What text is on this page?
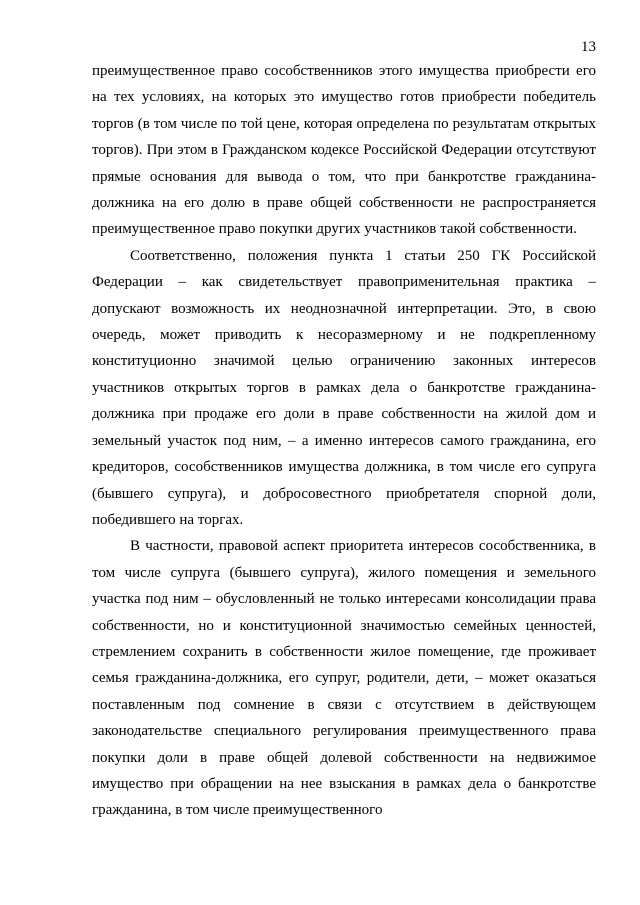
13

преимущественное право сособственников этого имущества приобрести его на тех условиях, на которых это имущество готов приобрести победитель торгов (в том числе по той цене, которая определена по результатам открытых торгов). При этом в Гражданском кодексе Российской Федерации отсутствуют прямые основания для вывода о том, что при банкротстве гражданина-должника на его долю в праве общей собственности не распространяется преимущественное право покупки других участников такой собственности.

Соответственно, положения пункта 1 статьи 250 ГК Российской Федерации – как свидетельствует правоприменительная практика – допускают возможность их неоднозначной интерпретации. Это, в свою очередь, может приводить к несоразмерному и не подкрепленному конституционно значимой целью ограничению законных интересов участников открытых торгов в рамках дела о банкротстве гражданина-должника при продаже его доли в праве собственности на жилой дом и земельный участок под ним, – а именно интересов самого гражданина, его кредиторов, сособственников имущества должника, в том числе его супруга (бывшего супруга), и добросовестного приобретателя спорной доли, победившего на торгах.

В частности, правовой аспект приоритета интересов сособственника, в том числе супруга (бывшего супруга), жилого помещения и земельного участка под ним – обусловленный не только интересами консолидации права собственности, но и конституционной значимостью семейных ценностей, стремлением сохранить в собственности жилое помещение, где проживает семья гражданина-должника, его супруг, родители, дети, – может оказаться поставленным под сомнение в связи с отсутствием в действующем законодательстве специального регулирования преимущественного права покупки доли в праве общей долевой собственности на недвижимое имущество при обращении на нее взыскания в рамках дела о банкротстве гражданина, в том числе преимущественного
